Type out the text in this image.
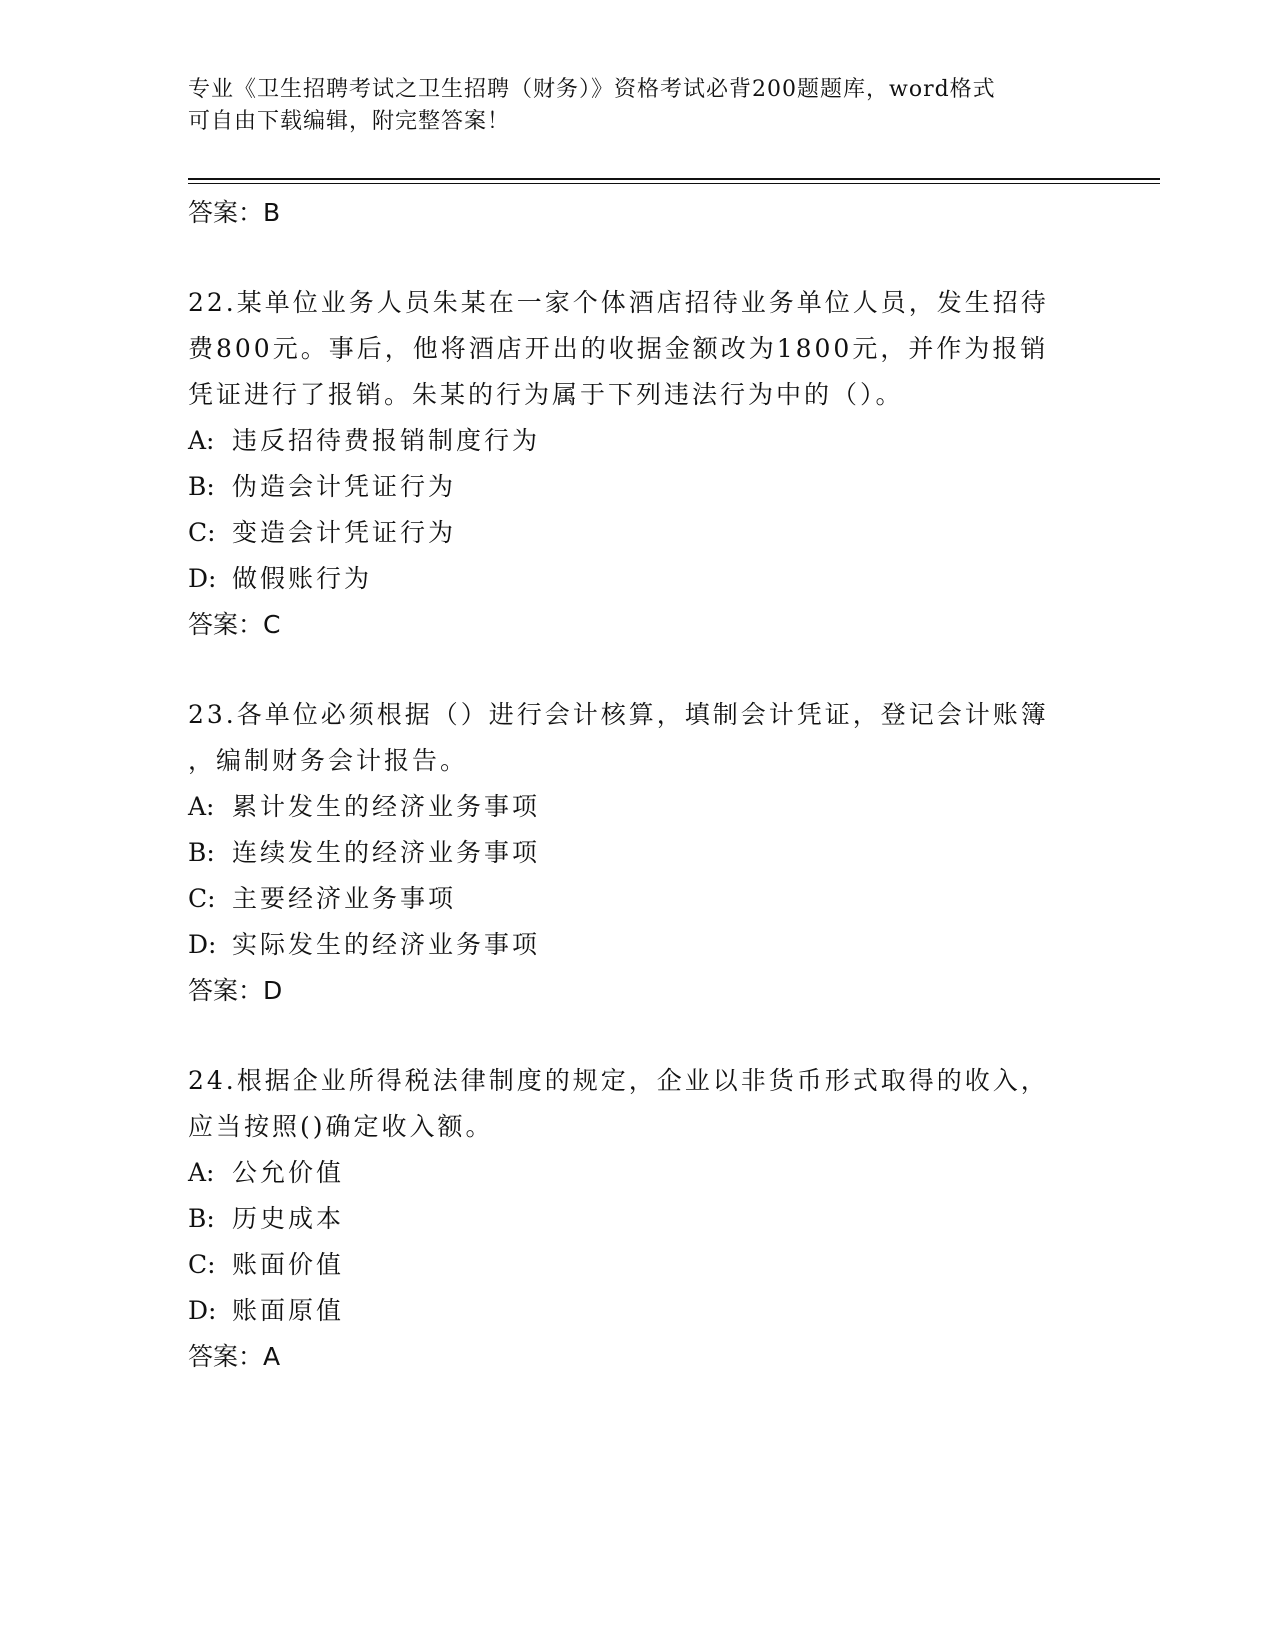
专业《卫生招聘考试之卫生招聘（财务）》资格考试必背200题题库，word格式
可自由下载编辑，附完整答案！
答案：B
22.某单位业务人员朱某在一家个体酒店招待业务单位人员，发生招待
费800元。事后，他将酒店开出的收据金额改为1800元，并作为报销
凭证进行了报销。朱某的行为属于下列违法行为中的（）。
A: 违反招待费报销制度行为
B: 伪造会计凭证行为
C: 变造会计凭证行为
D: 做假账行为
答案：C
23.各单位必须根据（）进行会计核算，填制会计凭证，登记会计账簿
，编制财务会计报告。
A: 累计发生的经济业务事项
B: 连续发生的经济业务事项
C: 主要经济业务事项
D: 实际发生的经济业务事项
答案：D
24.根据企业所得税法律制度的规定，企业以非货币形式取得的收入，
应当按照()确定收入额。
A: 公允价值
B: 历史成本
C: 账面价值
D: 账面原值
答案：A
